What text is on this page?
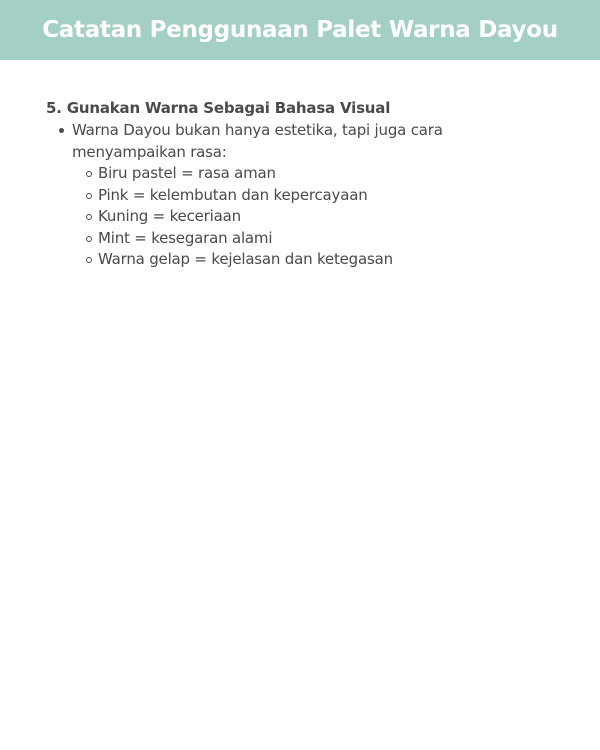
Catatan Penggunaan Palet Warna Dayou
5. Gunakan Warna Sebagai Bahasa Visual
Warna Dayou bukan hanya estetika, tapi juga cara menyampaikan rasa:
Biru pastel = rasa aman
Pink = kelembutan dan kepercayaan
Kuning = keceriaan
Mint = kesegaran alami
Warna gelap = kejelasan dan ketegasan
